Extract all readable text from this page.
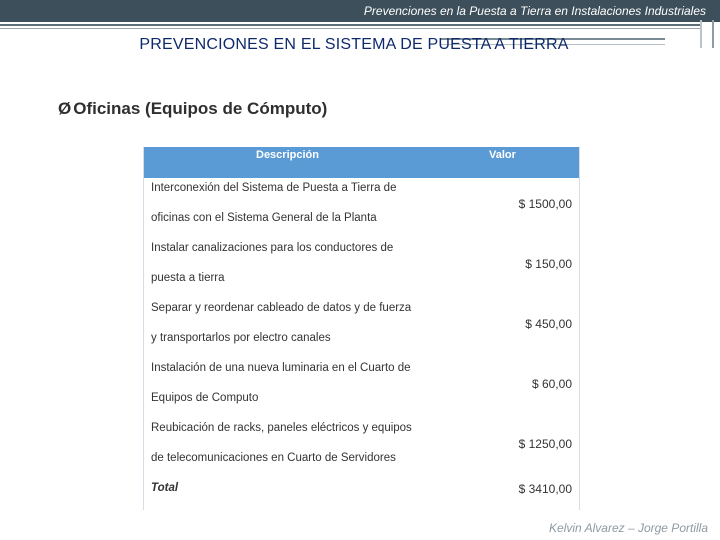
Prevenciones en la Puesta a Tierra en Instalaciones Industriales
PREVENCIONES EN EL SISTEMA DE PUESTA A TIERRA
Ø Oficinas (Equipos de Cómputo)
Descripción	Valor
Interconexión del Sistema de Puesta a Tierra de
oficinas con el Sistema General de la Planta
$ 1500,00
Instalar canalizaciones para los conductores de
puesta a tierra
$ 150,00
Separar y reordenar cableado de datos y de fuerza
y transportarlos por electro canales
$ 450,00
Instalación de una nueva luminaria en el Cuarto de
Equipos de Computo
$ 60,00
Reubicación de racks, paneles eléctricos y equipos
de telecomunicaciones en Cuarto de Servidores
$ 1250,00
Total	$ 3410,00
Kelvin Alvarez – Jorge Portilla
